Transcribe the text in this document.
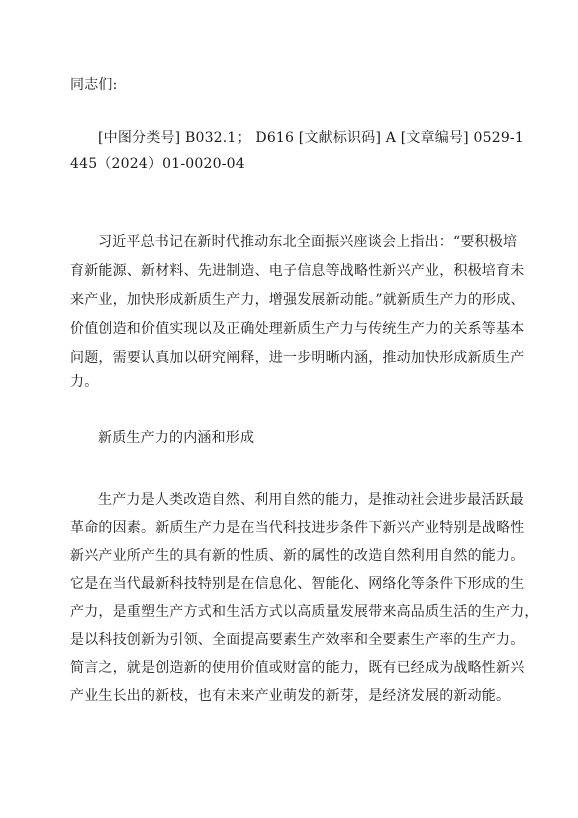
同志们:
[中图分类号] B032.1； D616 [文献标识码] A [文章编号] 0529-1
445（2024）01-0020-04
习近平总书记在新时代推动东北全面振兴座谈会上指出：“要积极培
育新能源、新材料、先进制造、电子信息等战略性新兴产业，积极培育未
来产业，加快形成新质生产力，增强发展新动能。”就新质生产力的形成、
价值创造和价值实现以及正确处理新质生产力与传统生产力的关系等基本
问题，需要认真加以研究阐释，进一步明晰内涵，推动加快形成新质生产
力。
新质生产力的内涵和形成
生产力是人类改造自然、利用自然的能力，是推动社会进步最活跃最
革命的因素。新质生产力是在当代科技进步条件下新兴产业特别是战略性
新兴产业所产生的具有新的性质、新的属性的改造自然利用自然的能力。
它是在当代最新科技特别是在信息化、智能化、网络化等条件下形成的生
产力，是重塑生产方式和生活方式以高质量发展带来高品质生活的生产力，
是以科技创新为引领、全面提高要素生产效率和全要素生产率的生产力。
简言之，就是创造新的使用价值或财富的能力，既有已经成为战略性新兴
产业生长出的新枝，也有未来产业萌发的新芽，是经济发展的新动能。
